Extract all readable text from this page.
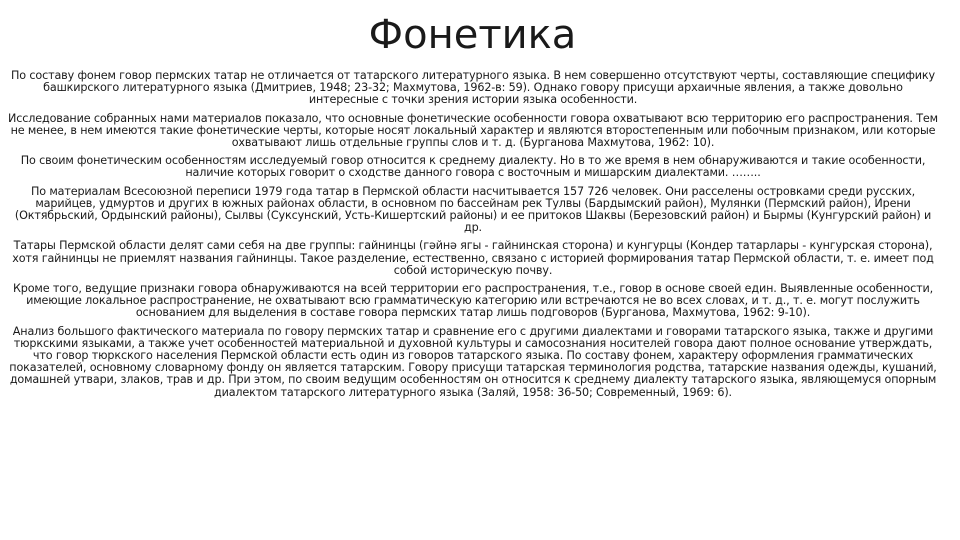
Фонетика

По составу фонем говор пермских татар не отличается от татарского литературного языка. В нем совершенно отсутствуют черты, составляющие специфику башкирского литературного языка (Дмитриев, 1948; 23-32; Махмутова, 1962-в: 59). Однако говору присущи архаичные явления, а также довольно интересные с точки зрения истории языка особенности.

Исследование собранных нами материалов показало, что основные фонетические особенности говора охватывают всю территорию его распространения. Тем не менее, в нем имеются такие фонетические черты, которые носят локальный характер и являются второстепенным или побочным признаком, или которые охватывают лишь отдельные группы слов и т. д. (Бурганова Махмутова, 1962: 10).

По своим фонетическим особенностям исследуемый говор относится к среднему диалекту. Но в то же время в нем обнаруживаются и такие особенности, наличие которых говорит о сходстве данного говора с восточным и мишарским диалектами. ……..

По материалам Всесоюзной переписи 1979 года татар в Пермской области насчитывается 157 726 человек. Они расселены островками среди русских, марийцев, удмуртов и других в южных районах области, в основном по бассейнам рек Тулвы (Бардымский район), Мулянки (Пермский район), Ирени (Октябрьский, Ордынский районы), Сылвы (Суксунский, Усть-Кишертский районы) и ее притоков Шаквы (Березовский район) и Бырмы (Кунгурский район) и др.

Татары Пермской области делят сами себя на две группы: гайнинцы (гәйнә ягы - гайнинская сторона) и кунгурцы (Кондер татарлары - кунгурская сторона), хотя гайнинцы не приемлят названия гайнинцы. Такое разделение, естественно, связано с историей формирования татар Пермской области, т. е. имеет под собой историческую почву.

Кроме того, ведущие признаки говора обнаруживаются на всей территории его распространения, т.е., говор в основе своей един. Выявленные особенности, имеющие локальное распространение, не охватывают всю грамматическую категорию или встречаются не во всех словах, и т. д., т. е. могут послужить основанием для выделения в составе говора пермских татар лишь подговоров (Бурганова, Махмутова, 1962: 9-10).

Анализ большого фактического материала по говору пермских татар и сравнение его с другими диалектами и говорами татарского языка, также и другими тюркскими языками, а также учет особенностей материальной и духовной культуры и самосознания носителей говора дают полное основание утверждать, что говор тюркского населения Пермской области есть один из говоров татарского языка. По составу фонем, характеру оформления грамматических показателей, основному словарному фонду он является татарским. Говору присущи татарская терминология родства, татарские названия одежды, кушаний, домашней утвари, злаков, трав и др. При этом, по своим ведущим особенностям он относится к среднему диалекту татарского языка, являющемуся опорным диалектом татарского литературного языка (Заляй, 1958: 36-50; Современный, 1969: 6).
